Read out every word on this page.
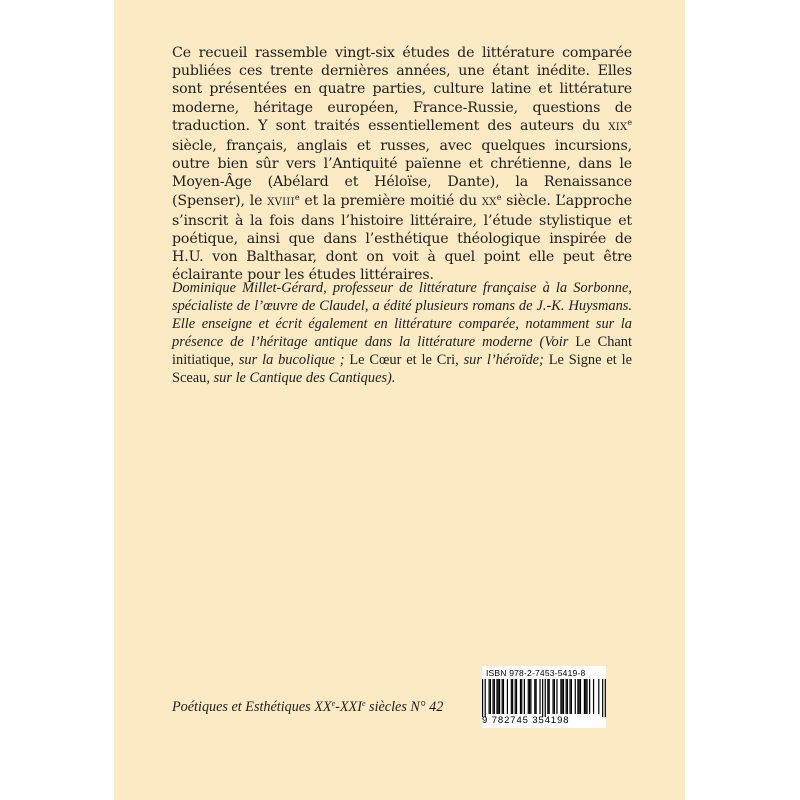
Ce recueil rassemble vingt-six études de littérature comparée publiées ces trente dernières années, une étant inédite. Elles sont présentées en quatre parties, culture latine et littérature moderne, héritage européen, France-Russie, questions de traduction. Y sont traités essentiellement des auteurs du XIXe siècle, français, anglais et russes, avec quelques incursions, outre bien sûr vers l’Antiquité païenne et chrétienne, dans le Moyen-Âge (Abélard et Héloïse, Dante), la Renaissance (Spenser), le XVIIIe et la première moitié du XXe siècle. L’approche s’inscrit à la fois dans l’histoire littéraire, l’étude stylistique et poétique, ainsi que dans l’esthétique théologique inspirée de H.U. von Balthasar, dont on voit à quel point elle peut être éclairante pour les études littéraires.

Dominique Millet-Gérard, professeur de littérature française à la Sorbonne, spécialiste de l’œuvre de Claudel, a édité plusieurs romans de J.-K. Huysmans. Elle enseigne et écrit également en littérature comparée, notamment sur la présence de l’héritage antique dans la littérature moderne (Voir Le Chant initiatique, sur la bucolique ; Le Cœur et le Cri, sur l’héroïde; Le Signe et le Sceau, sur le Cantique des Cantiques).

Poétiques et Esthétiques XXe-XXIe siècles N° 42
ISBN 978-2-7453-5419-8
9 782745 354198
